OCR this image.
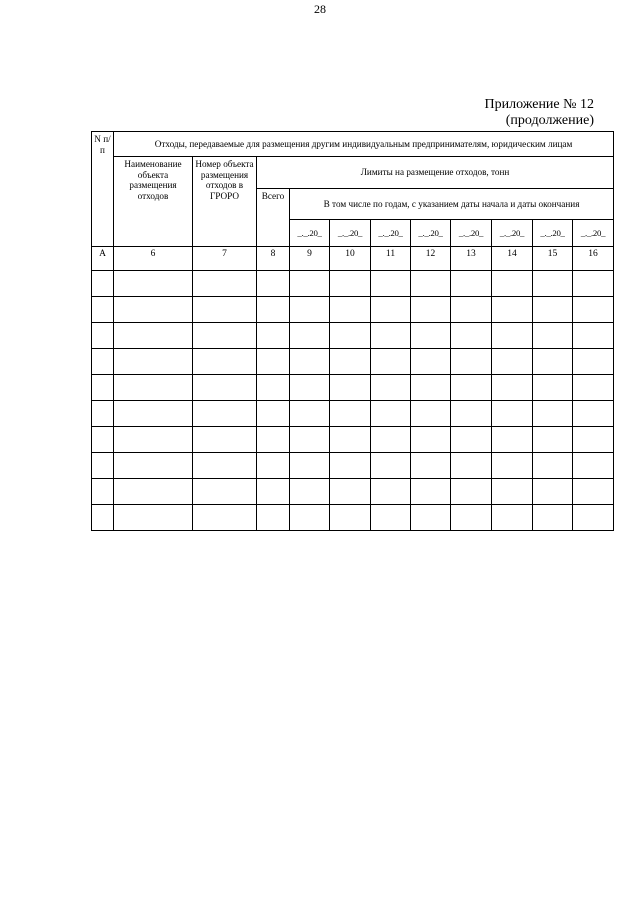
28
Приложение № 12
(продолжение)
N п/п	Отходы, передаваемые для размещения другим индивидуальным предпринимателям, юридическим лицам										
	Наименование объекта размещения отходов	Номер объекта размещения отходов в ГРОРО	Лимиты на размещение отходов, тонн								
			Всего	В том числе по годам, с указанием даты начала и даты окончания							
				_._.20_	_._.20_	_._.20_	_._.20_	_._.20_	_._.20_	_._.20_	_._.20_
А	6	7	8	9	10	11	12	13	14	15	16
